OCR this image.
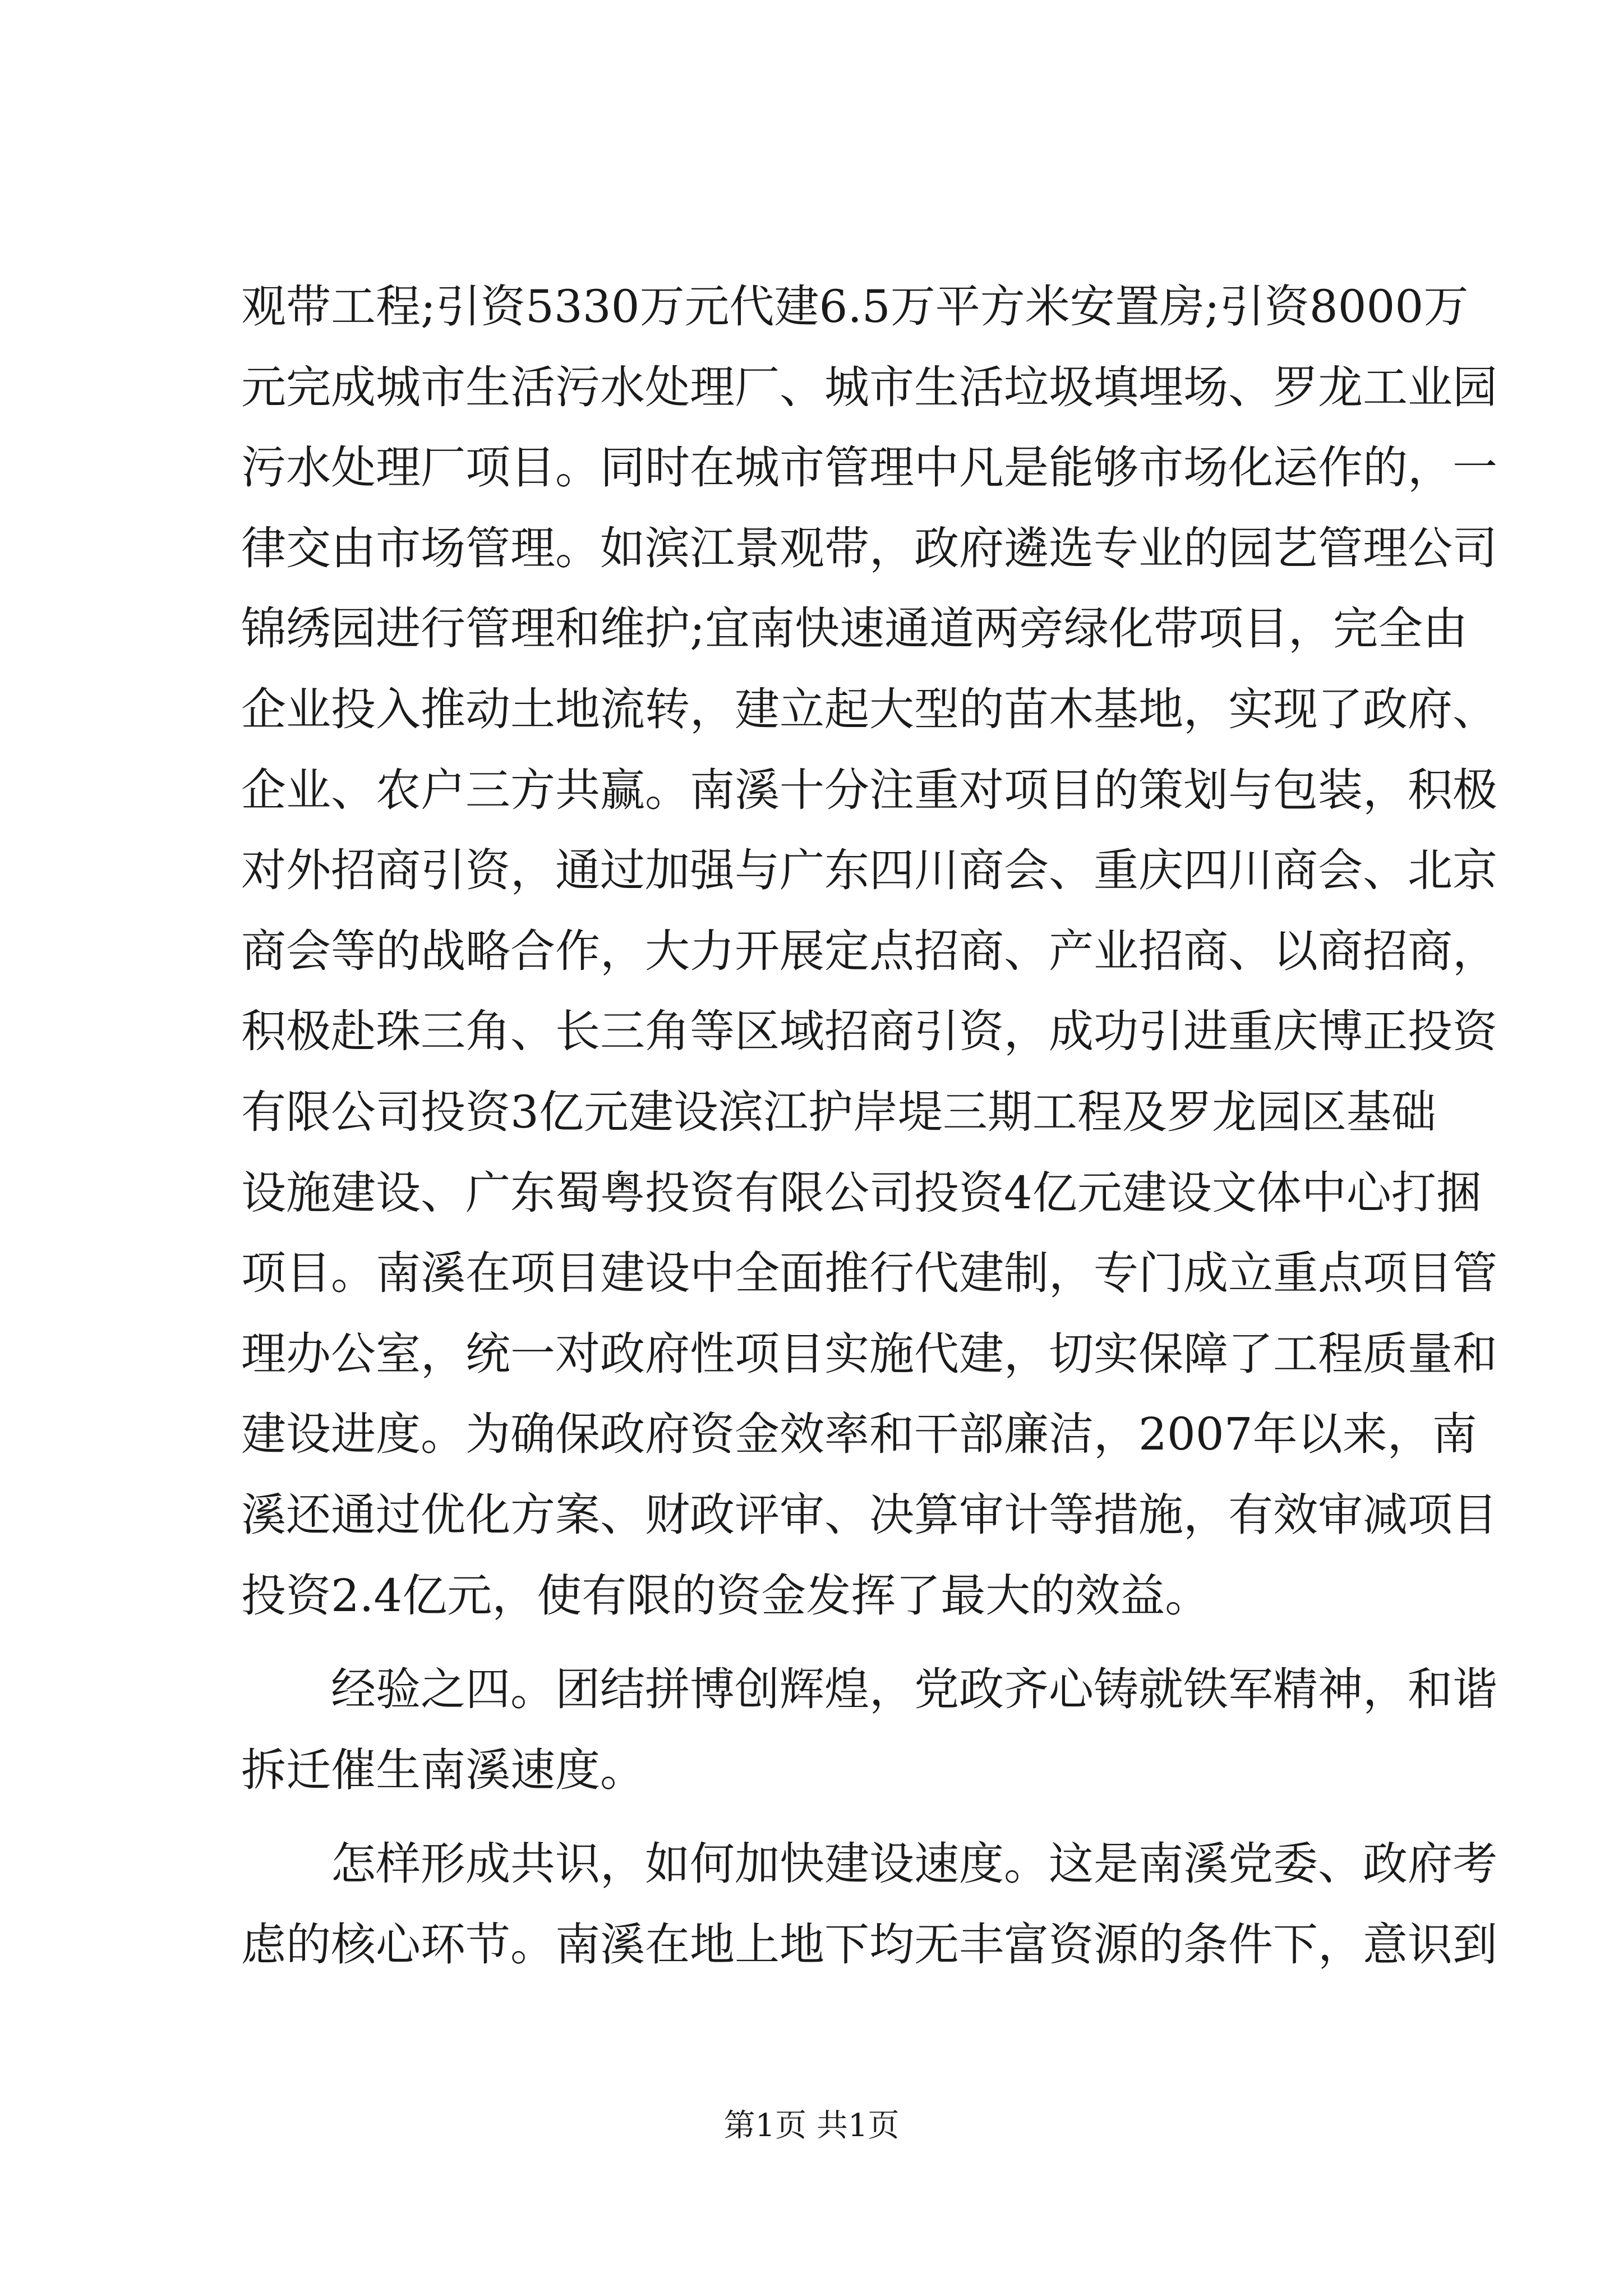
观带工程;引资5330万元代建6.5万平方米安置房;引资8000万
元完成城市生活污水处理厂、城市生活垃圾填埋场、罗龙工业园
污水处理厂项目。同时在城市管理中凡是能够市场化运作的，一
律交由市场管理。如滨江景观带，政府遴选专业的园艺管理公司
锦绣园进行管理和维护;宜南快速通道两旁绿化带项目，完全由
企业投入推动土地流转，建立起大型的苗木基地，实现了政府、
企业、农户三方共赢。南溪十分注重对项目的策划与包装，积极
对外招商引资，通过加强与广东四川商会、重庆四川商会、北京
商会等的战略合作，大力开展定点招商、产业招商、以商招商，
积极赴珠三角、长三角等区域招商引资，成功引进重庆博正投资
有限公司投资3亿元建设滨江护岸堤三期工程及罗龙园区基础
设施建设、广东蜀粤投资有限公司投资4亿元建设文体中心打捆
项目。南溪在项目建设中全面推行代建制，专门成立重点项目管
理办公室，统一对政府性项目实施代建，切实保障了工程质量和
建设进度。为确保政府资金效率和干部廉洁，2007年以来，南
溪还通过优化方案、财政评审、决算审计等措施，有效审减项目
投资2.4亿元，使有限的资金发挥了最大的效益。
经验之四。团结拼博创辉煌，党政齐心铸就铁军精神，和谐
拆迁催生南溪速度。
怎样形成共识，如何加快建设速度。这是南溪党委、政府考
虑的核心环节。南溪在地上地下均无丰富资源的条件下，意识到
第1页 共1页
